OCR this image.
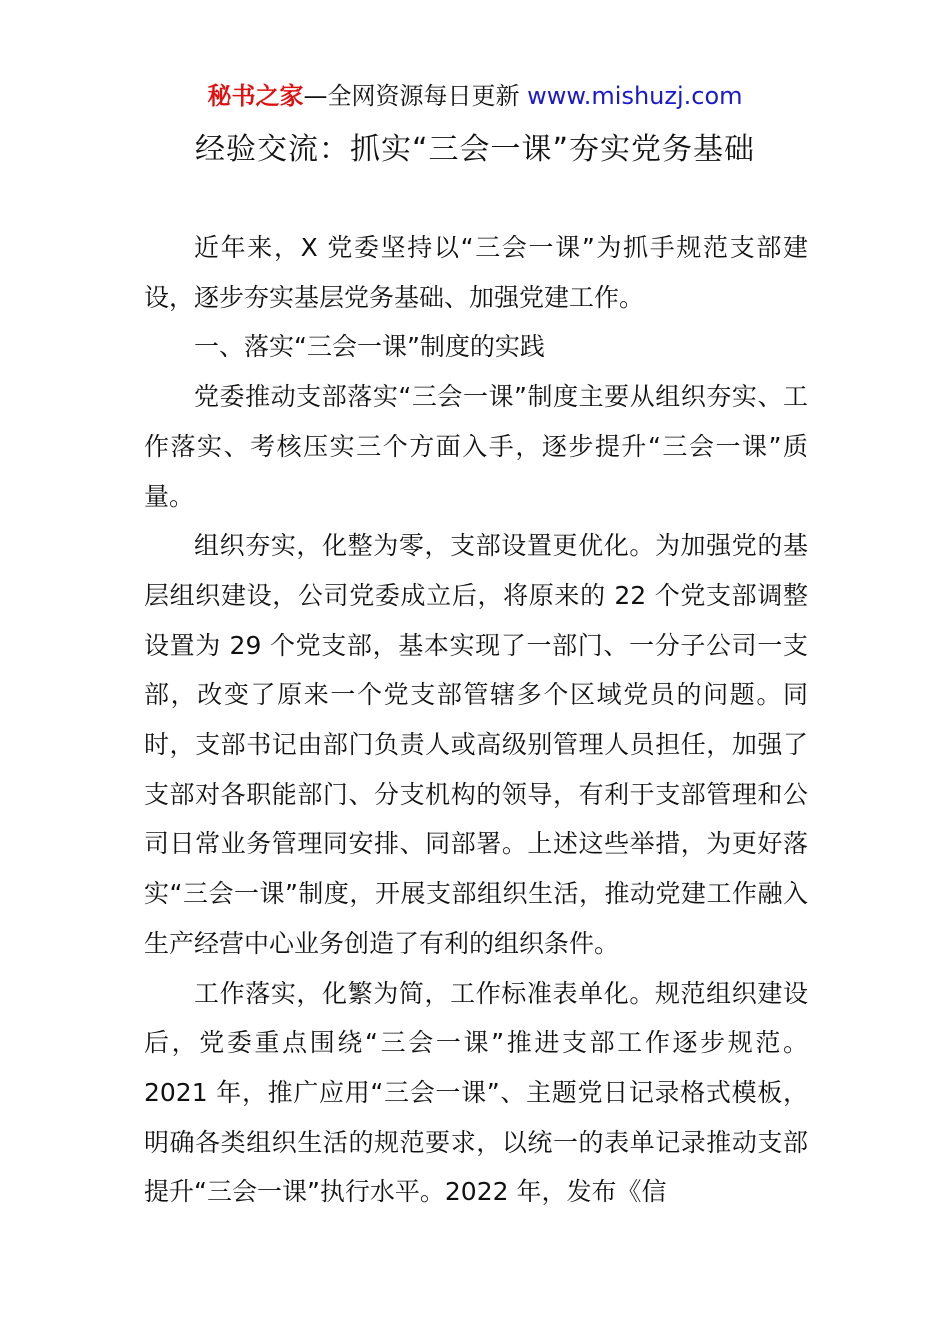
秘书之家—全网资源每日更新 www.mishuzj.com
经验交流：抓实“三会一课”夯实党务基础

近年来，X 党委坚持以“三会一课”为抓手规范支部建设，逐步夯实基层党务基础、加强党建工作。

一、落实“三会一课”制度的实践

党委推动支部落实“三会一课”制度主要从组织夯实、工作落实、考核压实三个方面入手，逐步提升“三会一课”质量。

组织夯实，化整为零，支部设置更优化。为加强党的基层组织建设，公司党委成立后，将原来的 22 个党支部调整设置为 29 个党支部，基本实现了一部门、一分子公司一支部，改变了原来一个党支部管辖多个区域党员的问题。同时，支部书记由部门负责人或高级别管理人员担任，加强了支部对各职能部门、分支机构的领导，有利于支部管理和公司日常业务管理同安排、同部署。上述这些举措，为更好落实“三会一课”制度，开展支部组织生活，推动党建工作融入生产经营中心业务创造了有利的组织条件。

工作落实，化繁为简，工作标准表单化。规范组织建设后，党委重点围绕“三会一课”推进支部工作逐步规范。2021 年，推广应用“三会一课”、主题党日记录格式模板，明确各类组织生活的规范要求，以统一的表单记录推动支部提升“三会一课”执行水平。2022 年，发布《信
